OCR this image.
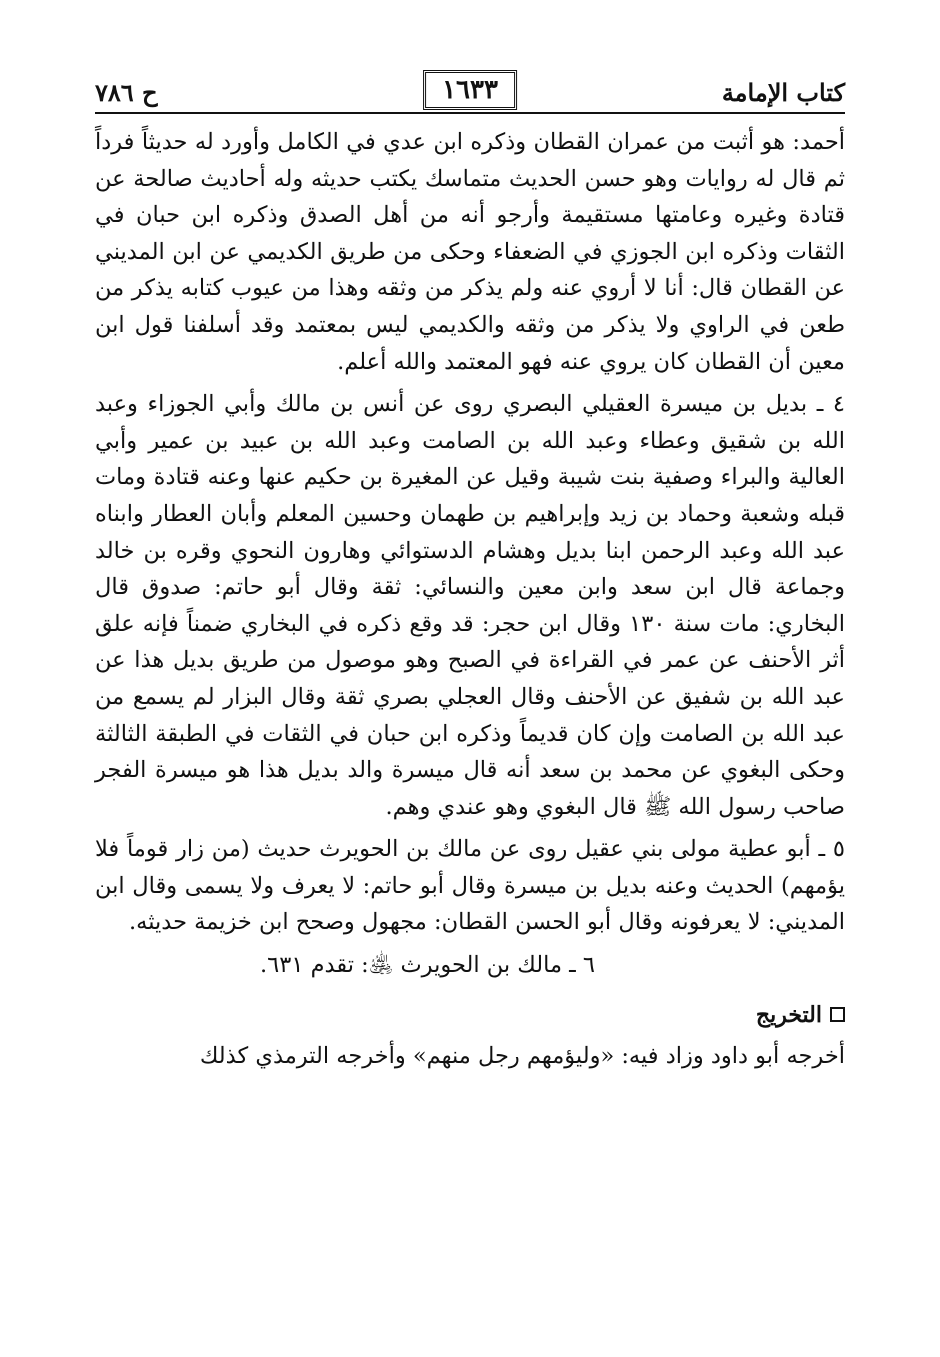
كتاب الإمامة
١٦٣٣
ح ٧٨٦

أحمد: هو أثبت من عمران القطان وذكره ابن عدي في الكامل وأورد له حديثاً فرداً ثم قال له روايات وهو حسن الحديث متماسك يكتب حديثه وله أحاديث صالحة عن قتادة وغيره وعامتها مستقيمة وأرجو أنه من أهل الصدق وذكره ابن حبان في الثقات وذكره ابن الجوزي في الضعفاء وحكى من طريق الكديمي عن ابن المديني عن القطان قال: أنا لا أروي عنه ولم يذكر من وثقه وهذا من عيوب كتابه يذكر من طعن في الراوي ولا يذكر من وثقه والكديمي ليس بمعتمد وقد أسلفنا قول ابن معين أن القطان كان يروي عنه فهو المعتمد والله أعلم.

٤ ـ بديل بن ميسرة العقيلي البصري روى عن أنس بن مالك وأبي الجوزاء وعبد الله بن شقيق وعطاء وعبد الله بن الصامت وعبد الله بن عبيد بن عمير وأبي العالية والبراء وصفية بنت شيبة وقيل عن المغيرة بن حكيم عنها وعنه قتادة ومات قبله وشعبة وحماد بن زيد وإبراهيم بن طهمان وحسين المعلم وأبان العطار وابناه عبد الله وعبد الرحمن ابنا بديل وهشام الدستوائي وهارون النحوي وقره بن خالد وجماعة قال ابن سعد وابن معين والنسائي: ثقة وقال أبو حاتم: صدوق قال البخاري: مات سنة ١٣٠ وقال ابن حجر: قد وقع ذكره في البخاري ضمناً فإنه علق أثر الأحنف عن عمر في القراءة في الصبح وهو موصول من طريق بديل هذا عن عبد الله بن شفيق عن الأحنف وقال العجلي بصري ثقة وقال البزار لم يسمع من عبد الله بن الصامت وإن كان قديماً وذكره ابن حبان في الثقات في الطبقة الثالثة وحكى البغوي عن محمد بن سعد أنه قال ميسرة والد بديل هذا هو ميسرة الفجر صاحب رسول الله ﷺ قال البغوي وهو عندي وهم.

٥ ـ أبو عطية مولى بني عقيل روى عن مالك بن الحويرث حديث (من زار قوماً فلا يؤمهم) الحديث وعنه بديل بن ميسرة وقال أبو حاتم: لا يعرف ولا يسمى وقال ابن المديني: لا يعرفونه وقال أبو الحسن القطان: مجهول وصحح ابن خزيمة حديثه.

٦ ـ مالك بن الحويرث ﵁: تقدم ٦٣١.

التخريج
أخرجه أبو داود وزاد فيه: «وليؤمهم رجل منهم» وأخرجه الترمذي كذلك
